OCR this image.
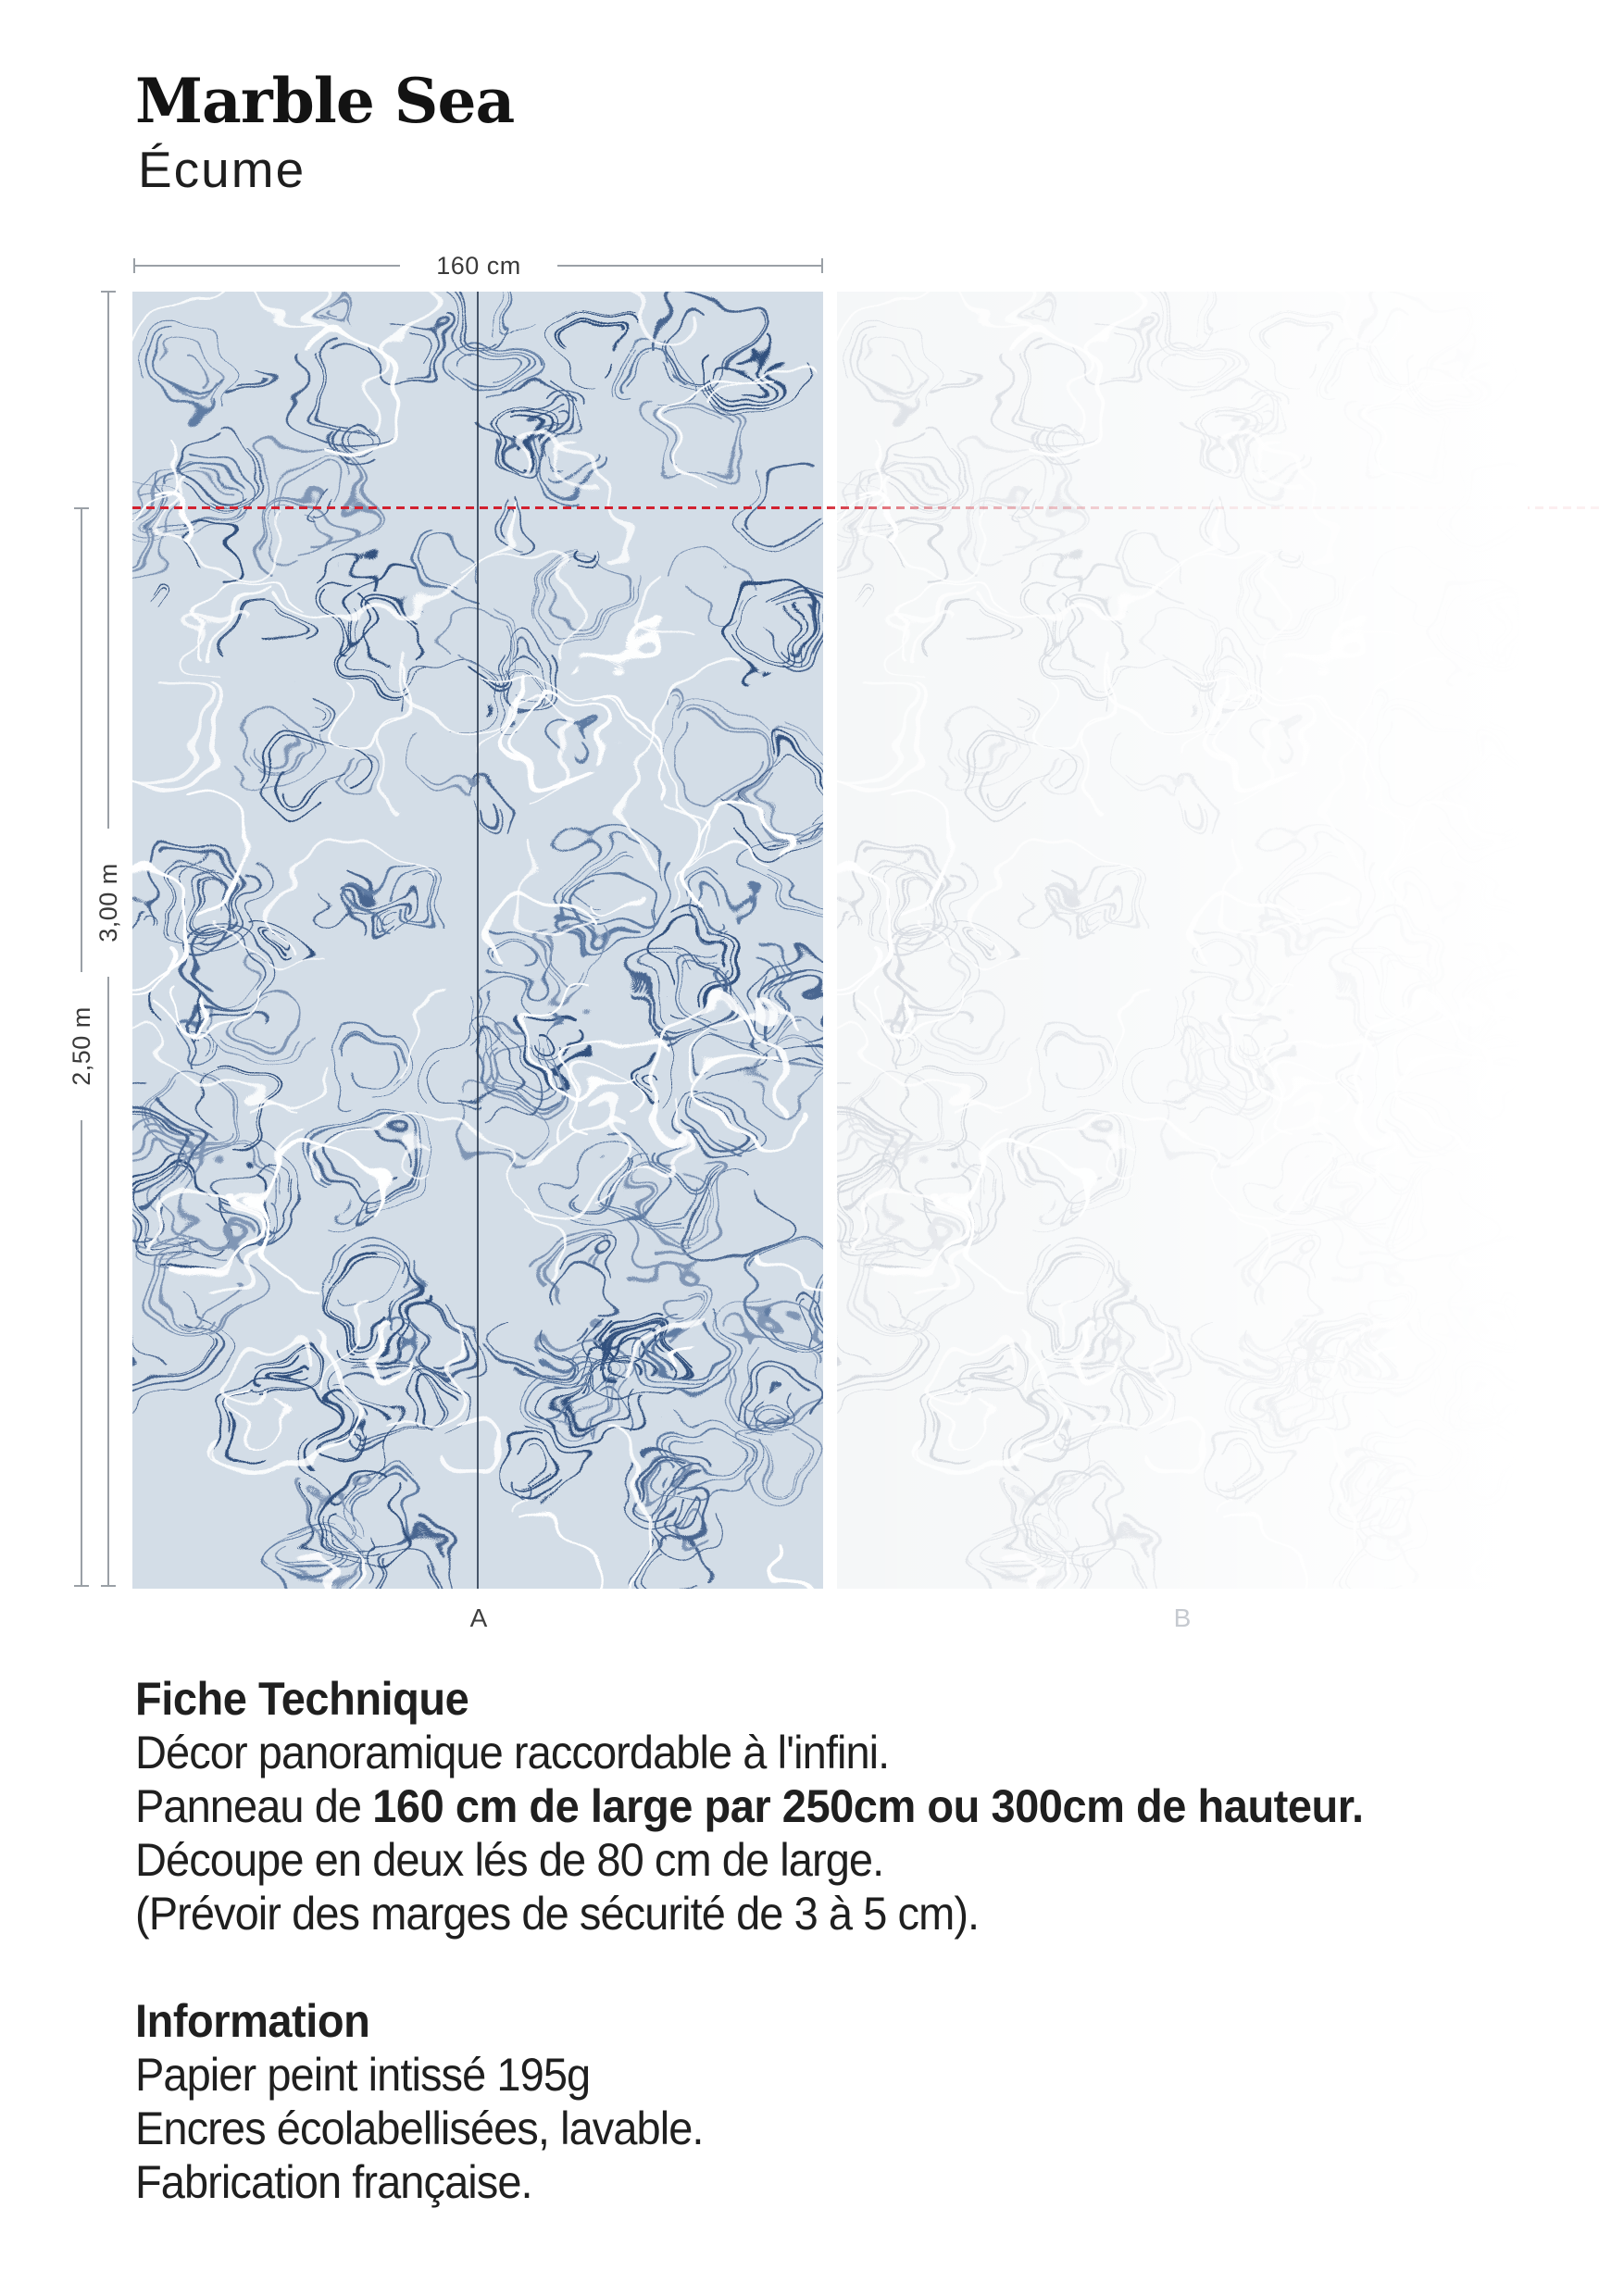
Marble Sea
Écume
160 cm
3,00 m
2,50 m
A	B
Fiche Technique

Décor panoramique raccordable à l'infini.

Panneau de 160 cm de large par 250cm ou 300cm de hauteur.

Découpe en deux lés de 80 cm de large.

(Prévoir des marges de sécurité de 3 à 5 cm).

Information

Papier peint intissé 195g

Encres écolabellisées, lavable.

Fabrication française.
